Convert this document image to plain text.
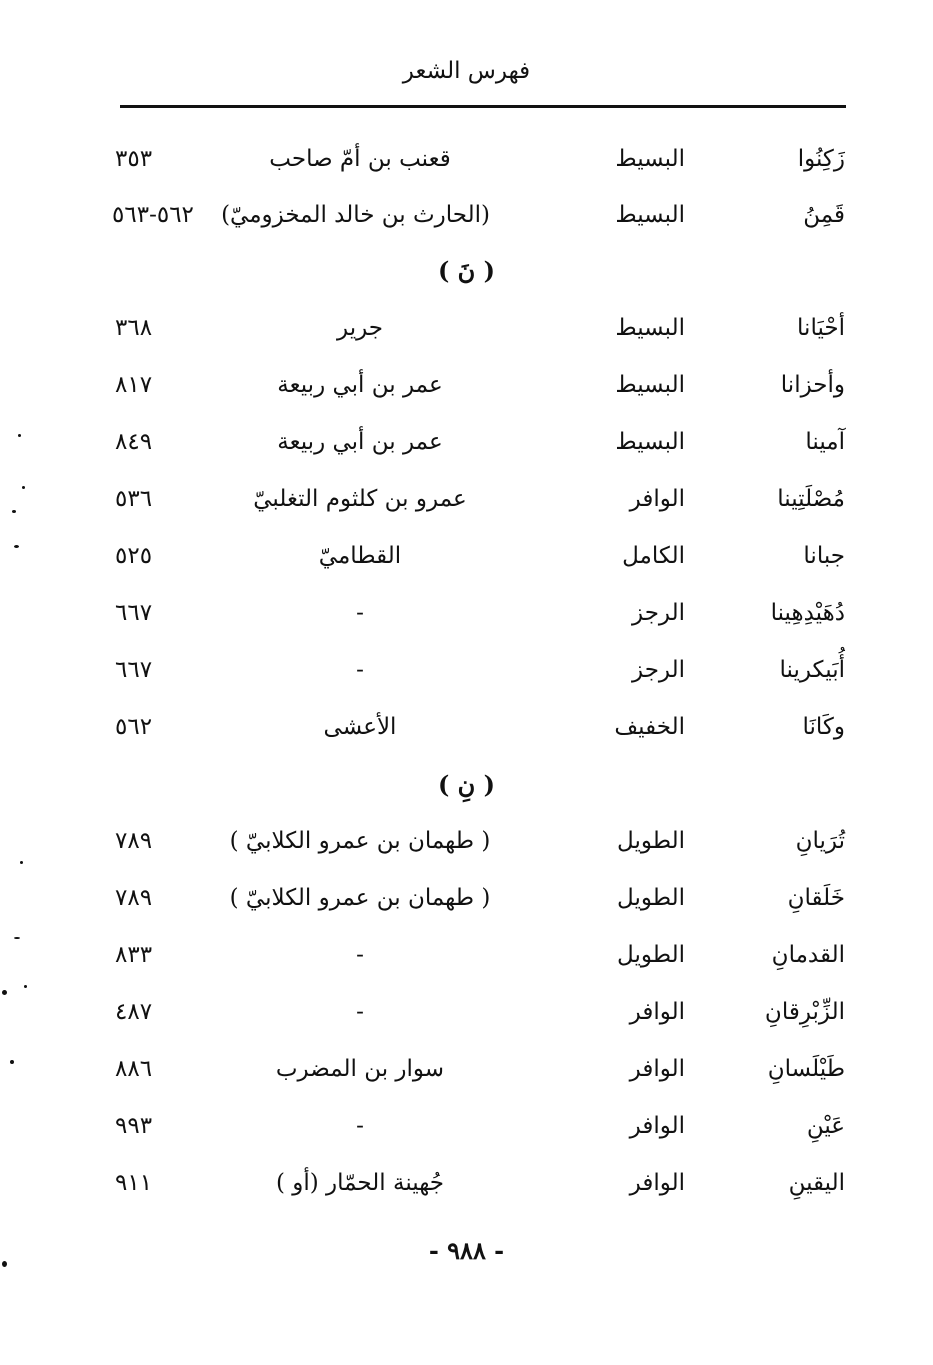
فهرس الشعر
زَكِنُوا
البسيط
قعنب بن أمّ صاحب
٣٥٣
قَمِنُ
البسيط
(الحارث بن خالد المخزوميّ)
٥٦٢-٥٦٣
( نَ )
أحْيَانا
البسيط
جرير
٣٦٨
وأحزانا
البسيط
عمر بن أبي ربيعة
٨١٧
آمينا
البسيط
عمر بن أبي ربيعة
٨٤٩
مُصْلَتِينا
الوافر
عمرو بن كلثوم التغلبيّ
٥٣٦
جبانا
الكامل
القطاميّ
٥٢٥
دُهَيْدِهِينا
الرجز
-
٦٦٧
أُبَيكرينا
الرجز
-
٦٦٧
وكَانَا
الخفيف
الأعشى
٥٦٢
( نِ )
تُرَيانِ
الطويل
( طهمان بن عمرو الكلابيّ )
٧٨٩
خَلَقانِ
الطويل
( طهمان بن عمرو الكلابيّ )
٧٨٩
القدمانِ
الطويل
-
٨٣٣
الزِّبْرِقانِ
الوافر
-
٤٨٧
طَيْلَسانِ
الوافر
سوار بن المضرب
٨٨٦
عَيْنِ
الوافر
-
٩٩٣
اليقينِ
الوافر
جُهينة الحمّار (أو )
٩١١
- ٩٨٨ -
